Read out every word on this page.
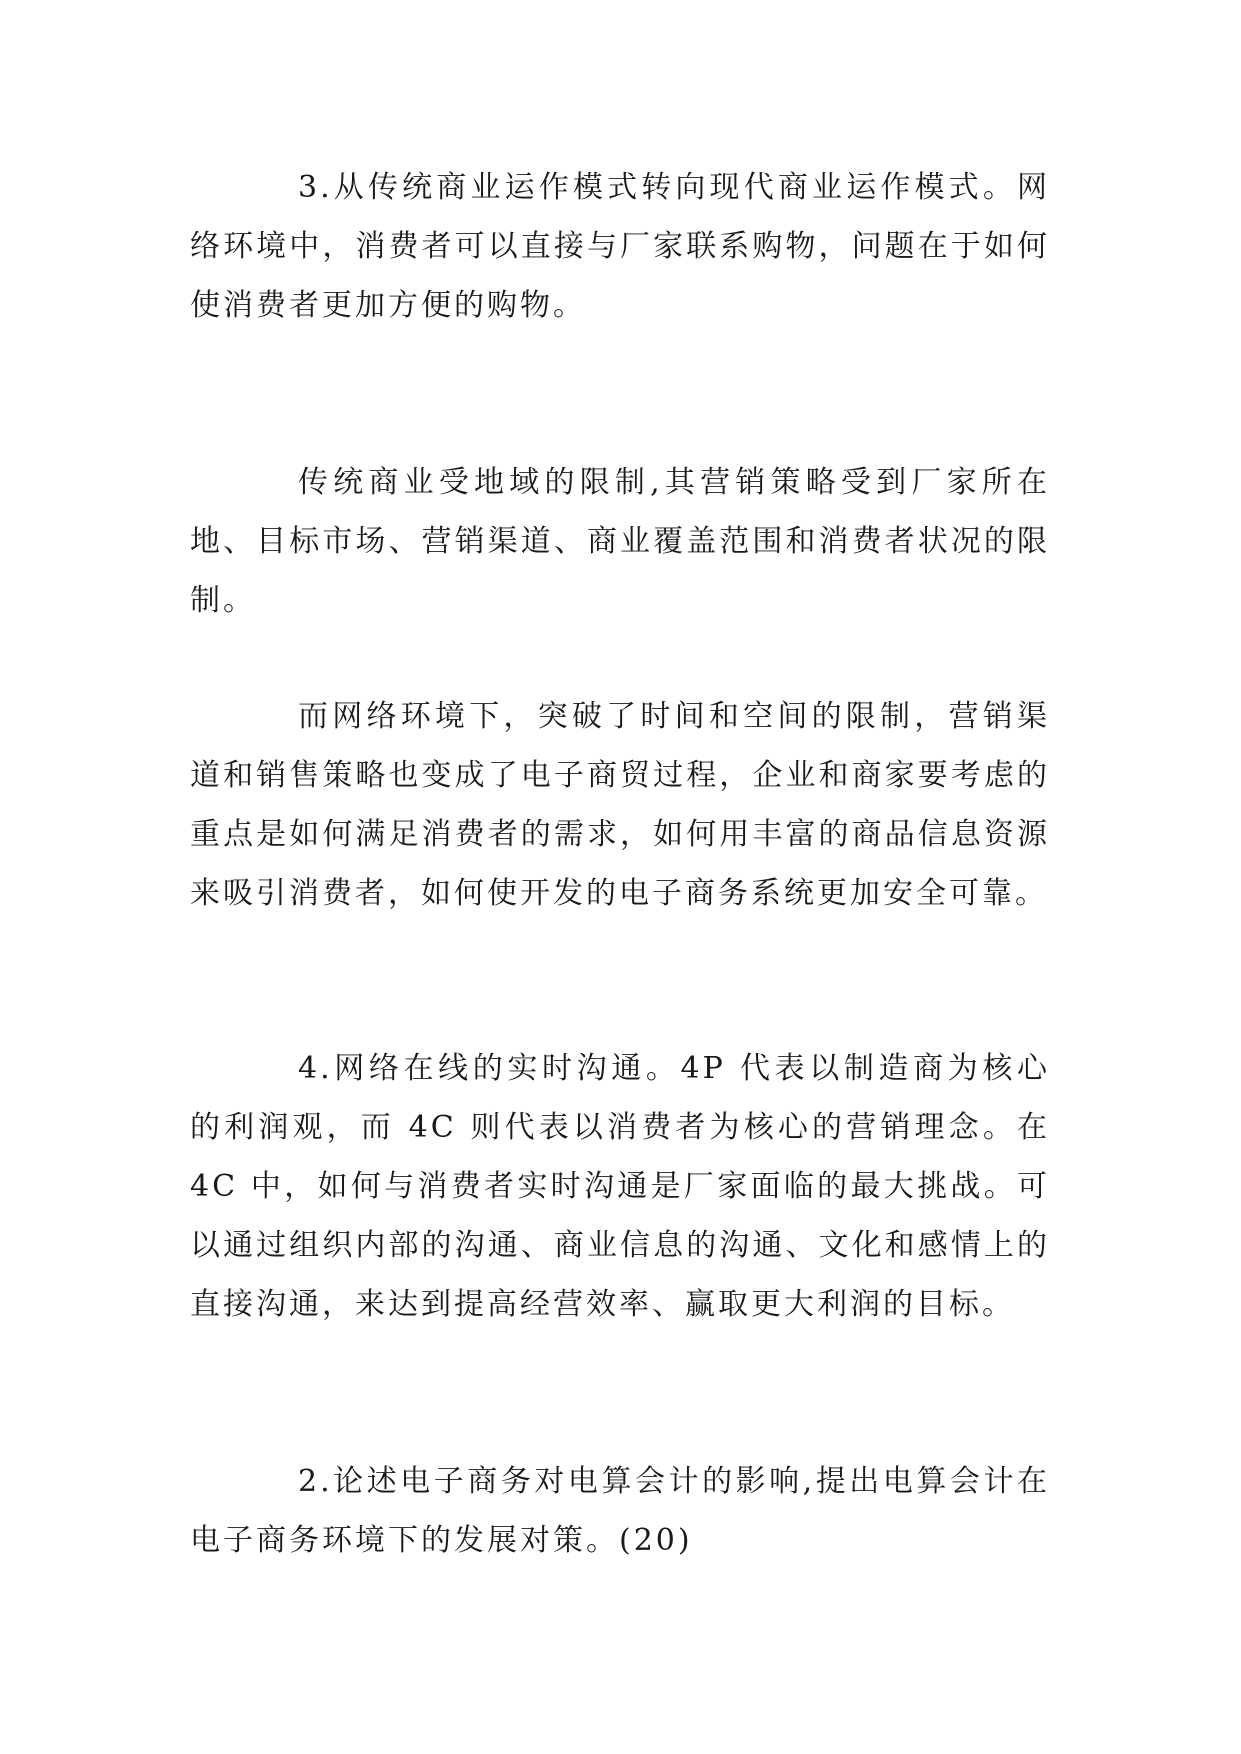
3.从传统商业运作模式转向现代商业运作模式。网络环境中，消费者可以直接与厂家联系购物，问题在于如何使消费者更加方便的购物。

传统商业受地域的限制,其营销策略受到厂家所在地、目标市场、营销渠道、商业覆盖范围和消费者状况的限制。

而网络环境下，突破了时间和空间的限制，营销渠道和销售策略也变成了电子商贸过程，企业和商家要考虑的重点是如何满足消费者的需求，如何用丰富的商品信息资源来吸引消费者，如何使开发的电子商务系统更加安全可靠。

4.网络在线的实时沟通。4P 代表以制造商为核心的利润观，而 4C 则代表以消费者为核心的营销理念。在 4C 中，如何与消费者实时沟通是厂家面临的最大挑战。可以通过组织内部的沟通、商业信息的沟通、文化和感情上的直接沟通，来达到提高经营效率、赢取更大利润的目标。

2.论述电子商务对电算会计的影响,提出电算会计在电子商务环境下的发展对策。(20)
